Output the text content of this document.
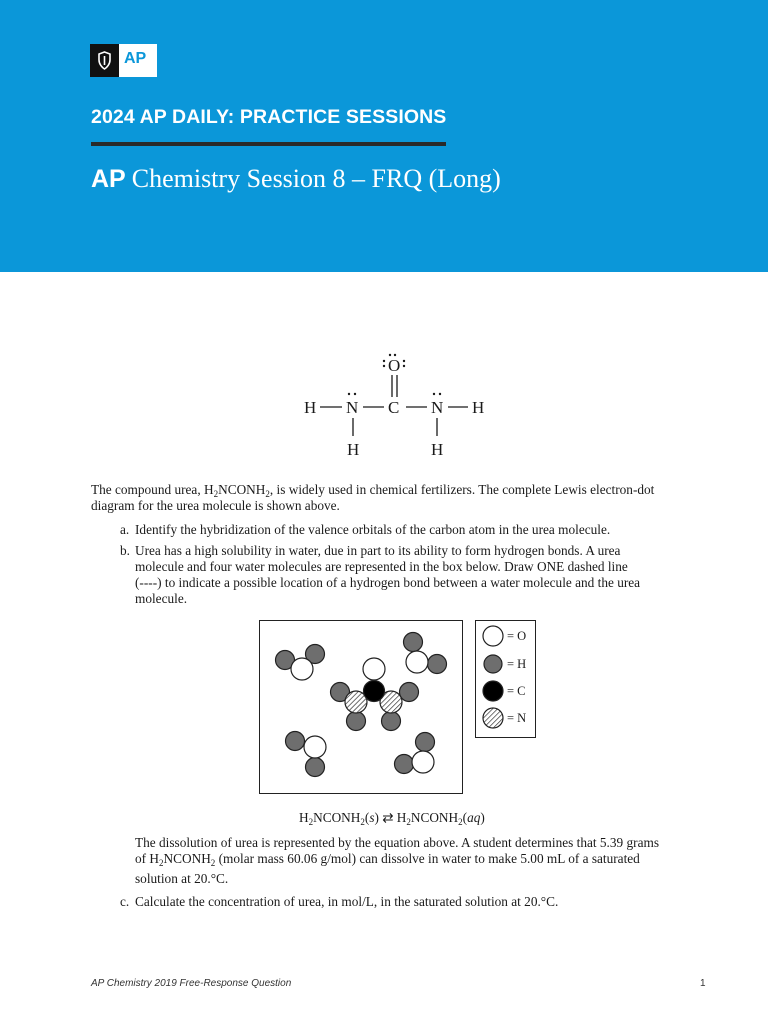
AP
2024 AP DAILY: PRACTICE SESSIONS
AP Chemistry Session 8 – FRQ (Long)
O
C
N	N
H	H
H	H
The compound urea, $H_2NCONH_2$, is widely used in chemical fertilizers. The complete Lewis electron-dot
diagram for the urea molecule is shown above.
a. Identify the hybridization of the valence orbitals of the carbon atom in the urea molecule.
b. Urea has a high solubility in water, due in part to its ability to form hydrogen bonds. A urea
molecule and four water molecules are represented in the box below. Draw ONE dashed line
(----) to indicate a possible location of a hydrogen bond between a water molecule and the urea
molecule.
= O
= H
= C
= N
$H_2NCONH_2(s)$ ⇄ $H_2NCONH_2(aq)$
The dissolution of urea is represented by the equation above. A student determines that 5.39 grams
of $H_2NCONH_2$ (molar mass 60.06 g/mol) can dissolve in water to make 5.00 mL of a saturated
solution at 20.°C.
c. Calculate the concentration of urea, in mol/L, in the saturated solution at 20.°C.
AP Chemistry 2019 Free-Response Question	1
